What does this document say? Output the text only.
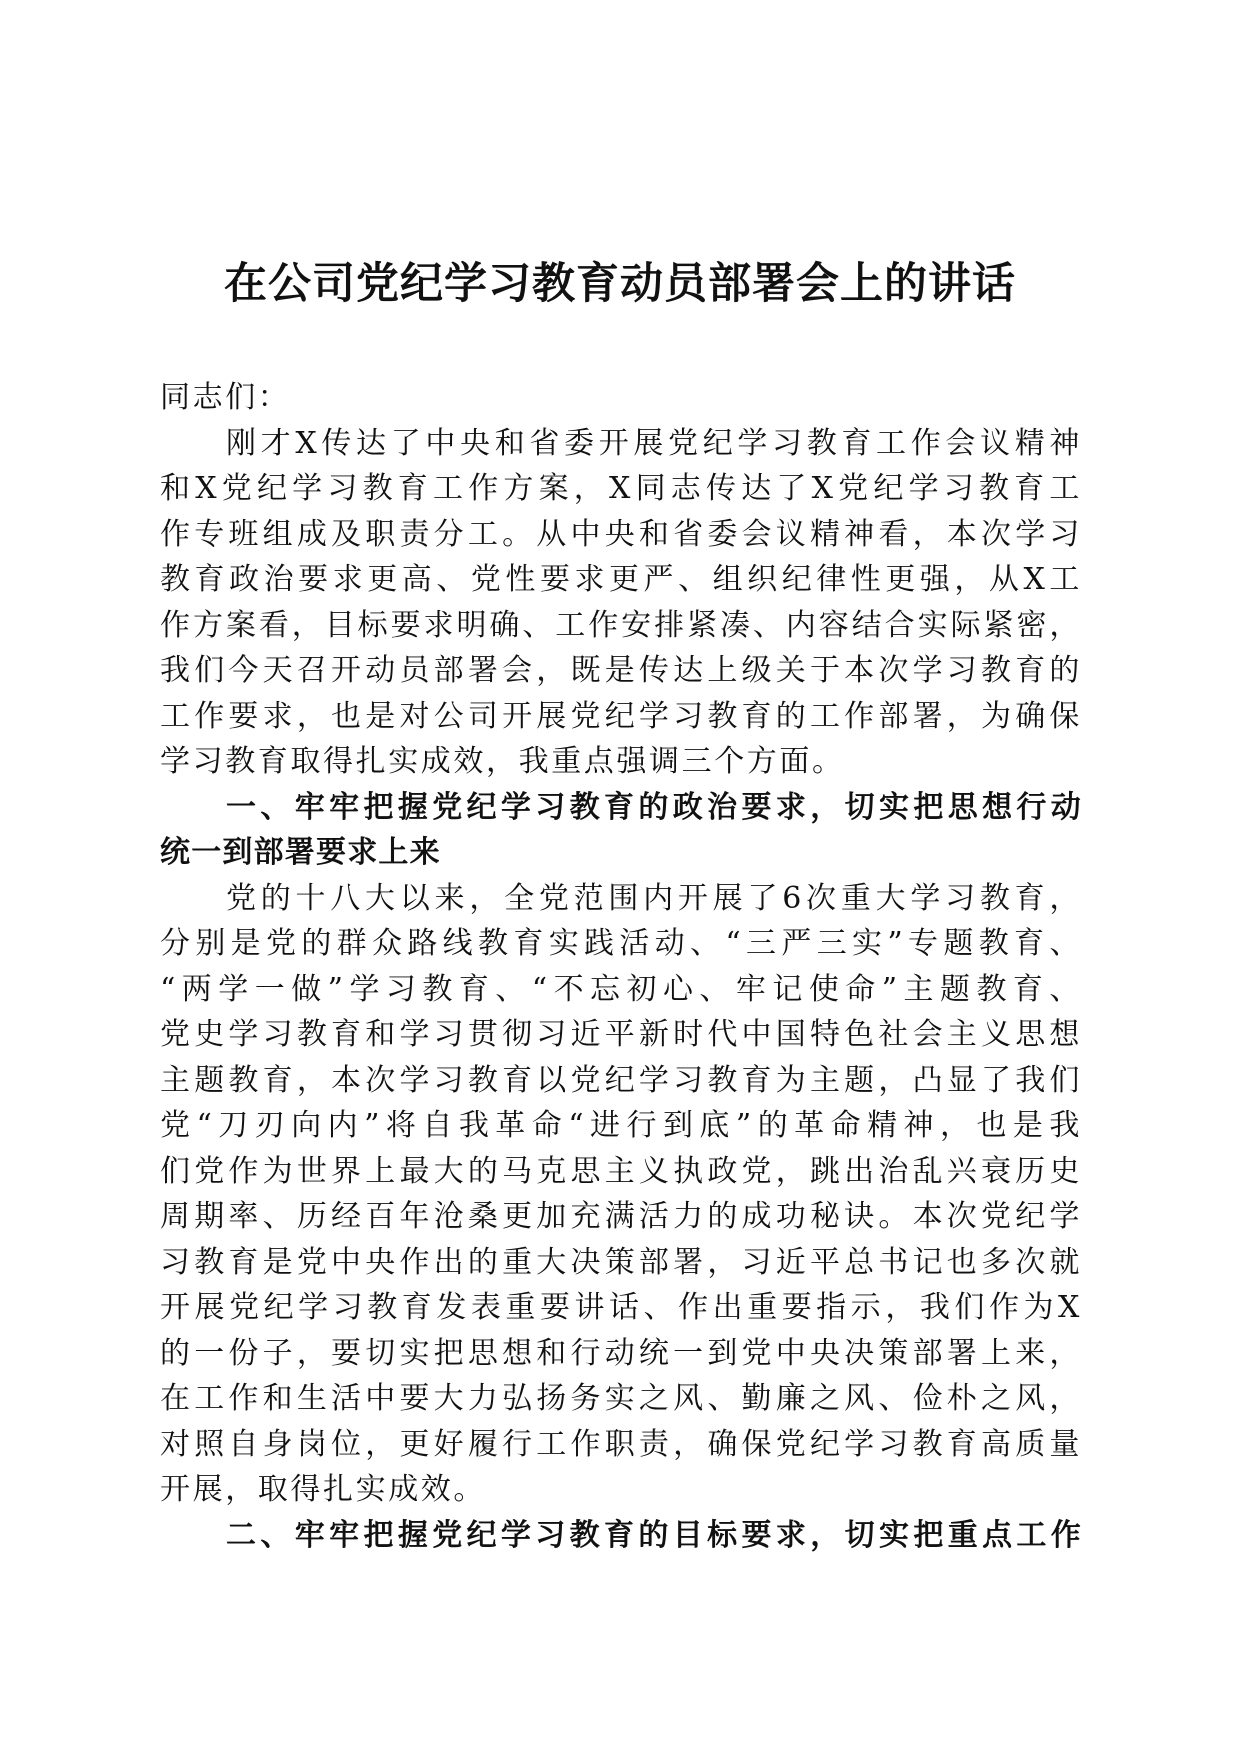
在公司党纪学习教育动员部署会上的讲话
同志们：
刚才X传达了中央和省委开展党纪学习教育工作会议精神
和X党纪学习教育工作方案，X同志传达了X党纪学习教育工
作专班组成及职责分工。从中央和省委会议精神看，本次学习
教育政治要求更高、党性要求更严、组织纪律性更强，从X工
作方案看，目标要求明确、工作安排紧凑、内容结合实际紧密，
我们今天召开动员部署会，既是传达上级关于本次学习教育的
工作要求，也是对公司开展党纪学习教育的工作部署，为确保
学习教育取得扎实成效，我重点强调三个方面。
一、牢牢把握党纪学习教育的政治要求，切实把思想行动
统一到部署要求上来
党的十八大以来，全党范围内开展了6次重大学习教育，
分别是党的群众路线教育实践活动、“三严三实”专题教育、
“两学一做”学习教育、“不忘初心、牢记使命”主题教育、
党史学习教育和学习贯彻习近平新时代中国特色社会主义思想
主题教育，本次学习教育以党纪学习教育为主题，凸显了我们
党“刀刃向内”将自我革命“进行到底”的革命精神，也是我
们党作为世界上最大的马克思主义执政党，跳出治乱兴衰历史
周期率、历经百年沧桑更加充满活力的成功秘诀。本次党纪学
习教育是党中央作出的重大决策部署，习近平总书记也多次就
开展党纪学习教育发表重要讲话、作出重要指示，我们作为X
的一份子，要切实把思想和行动统一到党中央决策部署上来，
在工作和生活中要大力弘扬务实之风、勤廉之风、俭朴之风，
对照自身岗位，更好履行工作职责，确保党纪学习教育高质量
开展，取得扎实成效。
二、牢牢把握党纪学习教育的目标要求，切实把重点工作
